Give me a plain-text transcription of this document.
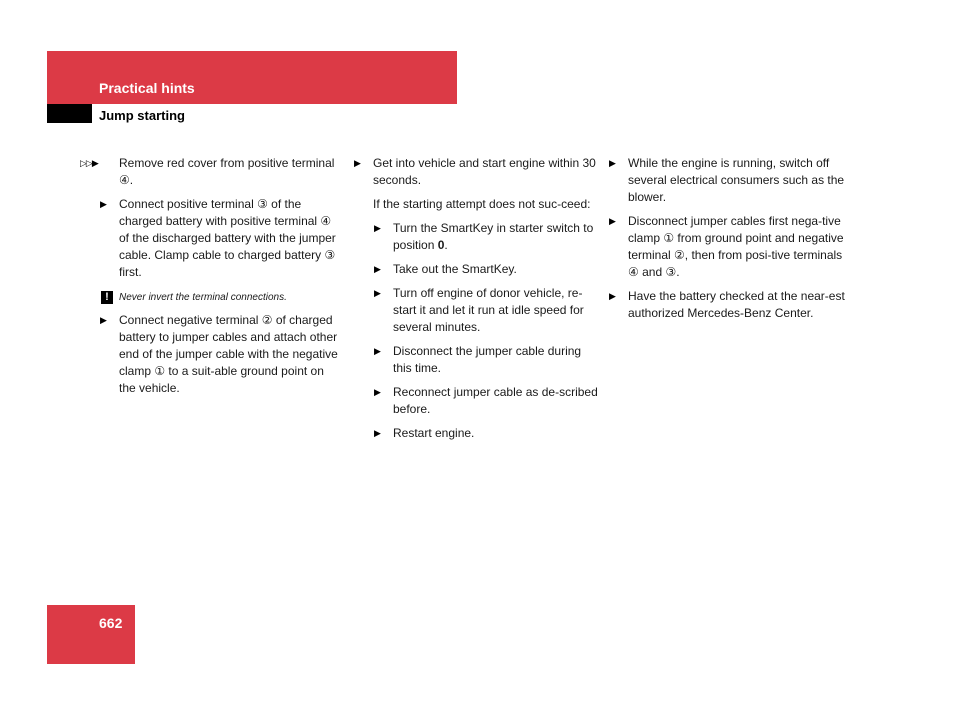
Practical hints
Jump starting
▷▷▶ Remove red cover from positive terminal ④.
▶ Connect positive terminal ③ of the charged battery with positive terminal ④ of the discharged battery with the jumper cable. Clamp cable to charged battery ③ first.
!	Never invert the terminal connections.
▶ Connect negative terminal ② of charged battery to jumper cables and attach other end of the jumper cable with the negative clamp ① to a suit-able ground point on the vehicle.
▶ Get into vehicle and start engine within 30 seconds.
If the starting attempt does not suc-ceed:
▶ Turn the SmartKey in starter switch to position 0.
▶ Take out the SmartKey.
▶ Turn off engine of donor vehicle, re-start it and let it run at idle speed for several minutes.
▶ Disconnect the jumper cable during this time.
▶ Reconnect jumper cable as de-scribed before.
▶ Restart engine.
▶ While the engine is running, switch off several electrical consumers such as the blower.
▶ Disconnect jumper cables first nega-tive clamp ① from ground point and negative terminal ②, then from posi-tive terminals ④ and ③.
▶ Have the battery checked at the near-est authorized Mercedes-Benz Center.
662
